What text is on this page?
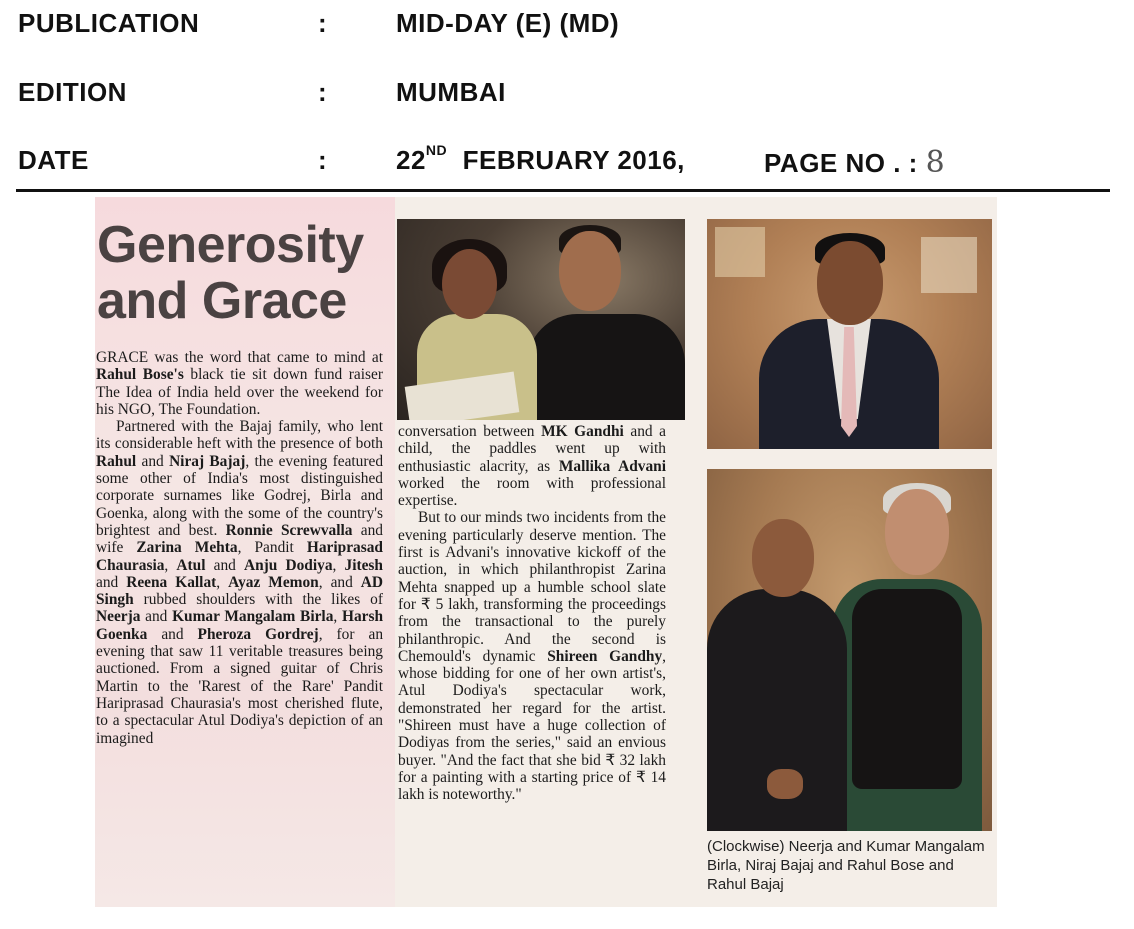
PUBLICATION	:	MID-DAY (E) (MD)
EDITION	:	MUMBAI
DATE	:	22ND FEBRUARY 2016,	PAGE NO . : 8
Generosity and Grace

GRACE was the word that came to mind at Rahul Bose's black tie sit down fund raiser The Idea of India held over the weekend for his NGO, The Foundation.

Partnered with the Bajaj family, who lent its considerable heft with the presence of both Rahul and Niraj Bajaj, the evening featured some other of India's most distinguished corporate surnames like Godrej, Birla and Goenka, along with the some of the country's brightest and best. Ronnie Screwvalla and wife Zarina Mehta, Pandit Hariprasad Chaurasia, Atul and Anju Dodiya, Jitesh and Reena Kallat, Ayaz Memon, and AD Singh rubbed shoulders with the likes of Neerja and Kumar Mangalam Birla, Harsh Goenka and Pheroza Gordrej, for an evening that saw 11 veritable treasures being auctioned. From a signed guitar of Chris Martin to the 'Rarest of the Rare' Pandit Hariprasad Chaurasia's most cherished flute, to a spectacular Atul Dodiya's depiction of an imagined

conversation between MK Gandhi and a child, the paddles went up with enthusiastic alacrity, as Mallika Advani worked the room with professional expertise.

But to our minds two incidents from the evening particularly deserve mention. The first is Advani's innovative kickoff of the auction, in which philanthropist Zarina Mehta snapped up a humble school slate for ₹ 5 lakh, transforming the proceedings from the transactional to the purely philanthropic. And the second is Chemould's dynamic Shireen Gandhy, whose bidding for one of her own artist's, Atul Dodiya's spectacular work, demonstrated her regard for the artist. "Shireen must have a huge collection of Dodiyas from the series," said an envious buyer. "And the fact that she bid ₹ 32 lakh for a painting with a starting price of ₹ 14 lakh is noteworthy."

(Clockwise) Neerja and Kumar Mangalam Birla, Niraj Bajaj and Rahul Bose and Rahul Bajaj
